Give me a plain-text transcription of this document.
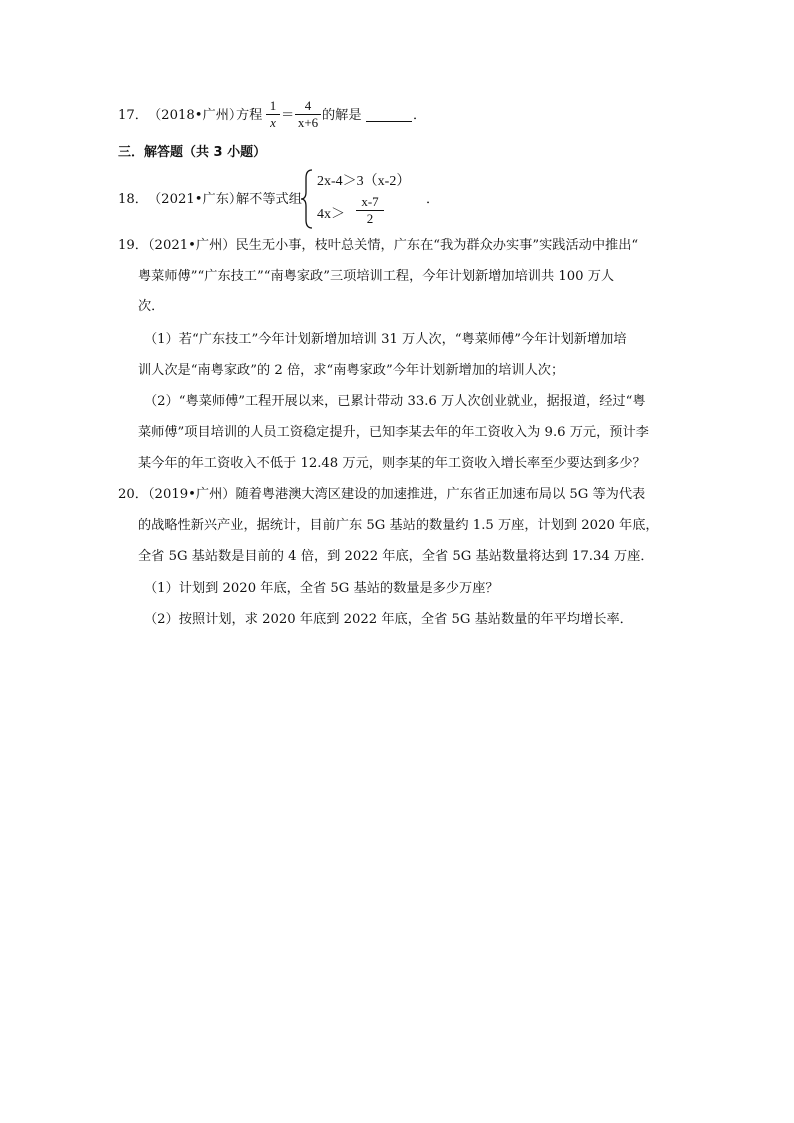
17． （2018•广州）
方程
1
x ＝
4
x+6 的解是	．
三．解答题（共 3 小题）
18． （2021•广东）
解不等式组
2x-4＞3（x-2）
4x＞
x-7
2
．
19．（2021•广州）民生无小事，枝叶总关情，广东在“我为群众办实事”实践活动中推出“
粤菜师傅”“广东技工”“南粤家政”三项培训工程，今年计划新增加培训共 100 万人
次．
（1）若“广东技工”今年计划新增加培训 31 万人次，“粤菜师傅”今年计划新增加培
训人次是“南粤家政”的 2 倍，求“南粤家政”今年计划新增加的培训人次；
（2）“粤菜师傅”工程开展以来，已累计带动 33.6 万人次创业就业，据报道，经过“粤
菜师傅”项目培训的人员工资稳定提升，已知李某去年的年工资收入为 9.6 万元，预计李
某今年的年工资收入不低于 12.48 万元，则李某的年工资收入增长率至少要达到多少？
20．（2019•广州）随着粤港澳大湾区建设的加速推进，广东省正加速布局以 5G 等为代表
的战略性新兴产业，据统计，目前广东 5G 基站的数量约 1.5 万座，计划到 2020 年底，
全省 5G 基站数是目前的 4 倍，到 2022 年底，全省 5G 基站数量将达到 17.34 万座．
（1）计划到 2020 年底，全省 5G 基站的数量是多少万座？
（2）按照计划，求 2020 年底到 2022 年底，全省 5G 基站数量的年平均增长率．
